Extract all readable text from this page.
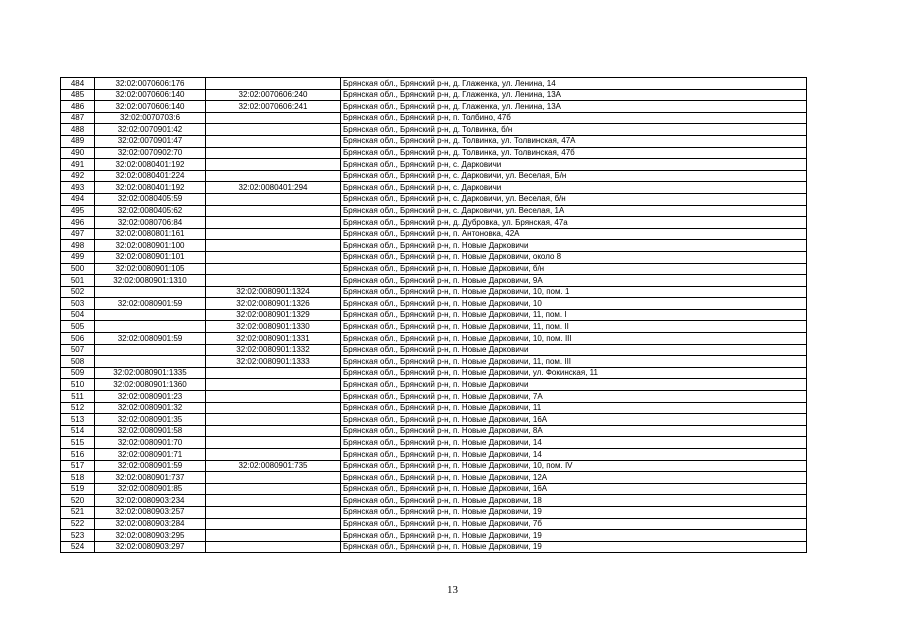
484	32:02:0070606:176		Брянская обл., Брянский р-н, д. Глаженка, ул. Ленина, 14
485	32:02:0070606:140	32:02:0070606:240	Брянская обл., Брянский р-н, д. Глаженка, ул. Ленина, 13А
486	32:02:0070606:140	32:02:0070606:241	Брянская обл., Брянский р-н, д. Глаженка, ул. Ленина, 13А
487	32:02:0070703:6		Брянская обл., Брянский р-н, п. Толбино, 47б
488	32:02:0070901:42		Брянская обл., Брянский р-н, д. Толвинка, б/н
489	32:02:0070901:47		Брянская обл., Брянский р-н, д. Толвинка, ул. Толвинская, 47А
490	32:02:0070902:70		Брянская обл., Брянский р-н, д. Толвинка, ул. Толвинская, 47б
491	32:02:0080401:192		Брянская обл., Брянский р-н, с. Дарковичи
492	32:02:0080401:224		Брянская обл., Брянский р-н, с. Дарковичи, ул. Веселая, Б/н
493	32:02:0080401:192	32:02:0080401:294	Брянская обл., Брянский р-н, с. Дарковичи
494	32:02:0080405:59		Брянская обл., Брянский р-н, с. Дарковичи, ул. Веселая, б/н
495	32:02:0080405:62		Брянская обл., Брянский р-н, с. Дарковичи, ул. Веселая, 1А
496	32:02:0080706:84		Брянская обл., Брянский р-н, д. Дубровка, ул. Брянская, 47а
497	32:02:0080801:161		Брянская обл., Брянский р-н, п. Антоновка, 42А
498	32:02:0080901:100		Брянская обл., Брянский р-н, п. Новые Дарковичи
499	32:02:0080901:101		Брянская обл., Брянский р-н, п. Новые Дарковичи, около 8
500	32:02:0080901:105		Брянская обл., Брянский р-н, п. Новые Дарковичи, б/н
501	32:02:0080901:1310		Брянская обл., Брянский р-н, п. Новые Дарковичи, 9А
502		32:02:0080901:1324	Брянская обл., Брянский р-н, п. Новые Дарковичи, 10, пом. 1
503	32:02:0080901:59	32:02:0080901:1326	Брянская обл., Брянский р-н, п. Новые Дарковичи, 10
504		32:02:0080901:1329	Брянская обл., Брянский р-н, п. Новые Дарковичи, 11, пом. I
505		32:02:0080901:1330	Брянская обл., Брянский р-н, п. Новые Дарковичи, 11, пом. II
506	32:02:0080901:59	32:02:0080901:1331	Брянская обл., Брянский р-н, п. Новые Дарковичи, 10, пом. III
507		32:02:0080901:1332	Брянская обл., Брянский р-н, п. Новые Дарковичи
508		32:02:0080901:1333	Брянская обл., Брянский р-н, п. Новые Дарковичи, 11, пом. III
509	32:02:0080901:1335		Брянская обл., Брянский р-н, п. Новые Дарковичи, ул. Фокинская, 11
510	32:02:0080901:1360		Брянская обл., Брянский р-н, п. Новые Дарковичи
511	32:02:0080901:23		Брянская обл., Брянский р-н, п. Новые Дарковичи, 7А
512	32:02:0080901:32		Брянская обл., Брянский р-н, п. Новые Дарковичи, 11
513	32:02:0080901:35		Брянская обл., Брянский р-н, п. Новые Дарковичи, 16А
514	32:02:0080901:58		Брянская обл., Брянский р-н, п. Новые Дарковичи, 8А
515	32:02:0080901:70		Брянская обл., Брянский р-н, п. Новые Дарковичи, 14
516	32:02:0080901:71		Брянская обл., Брянский р-н, п. Новые Дарковичи, 14
517	32:02:0080901:59	32:02:0080901:735	Брянская обл., Брянский р-н, п. Новые Дарковичи, 10, пом. IV
518	32:02:0080901:737		Брянская обл., Брянский р-н, п. Новые Дарковичи, 12А
519	32:02:0080901:85		Брянская обл., Брянский р-н, п. Новые Дарковичи, 16А
520	32:02:0080903:234		Брянская обл., Брянский р-н, п. Новые Дарковичи, 18
521	32:02:0080903:257		Брянская обл., Брянский р-н, п. Новые Дарковичи, 19
522	32:02:0080903:284		Брянская обл., Брянский р-н, п. Новые Дарковичи, 7б
523	32:02:0080903:295		Брянская обл., Брянский р-н, п. Новые Дарковичи, 19
524	32:02:0080903:297		Брянская обл., Брянский р-н, п. Новые Дарковичи, 19
13
